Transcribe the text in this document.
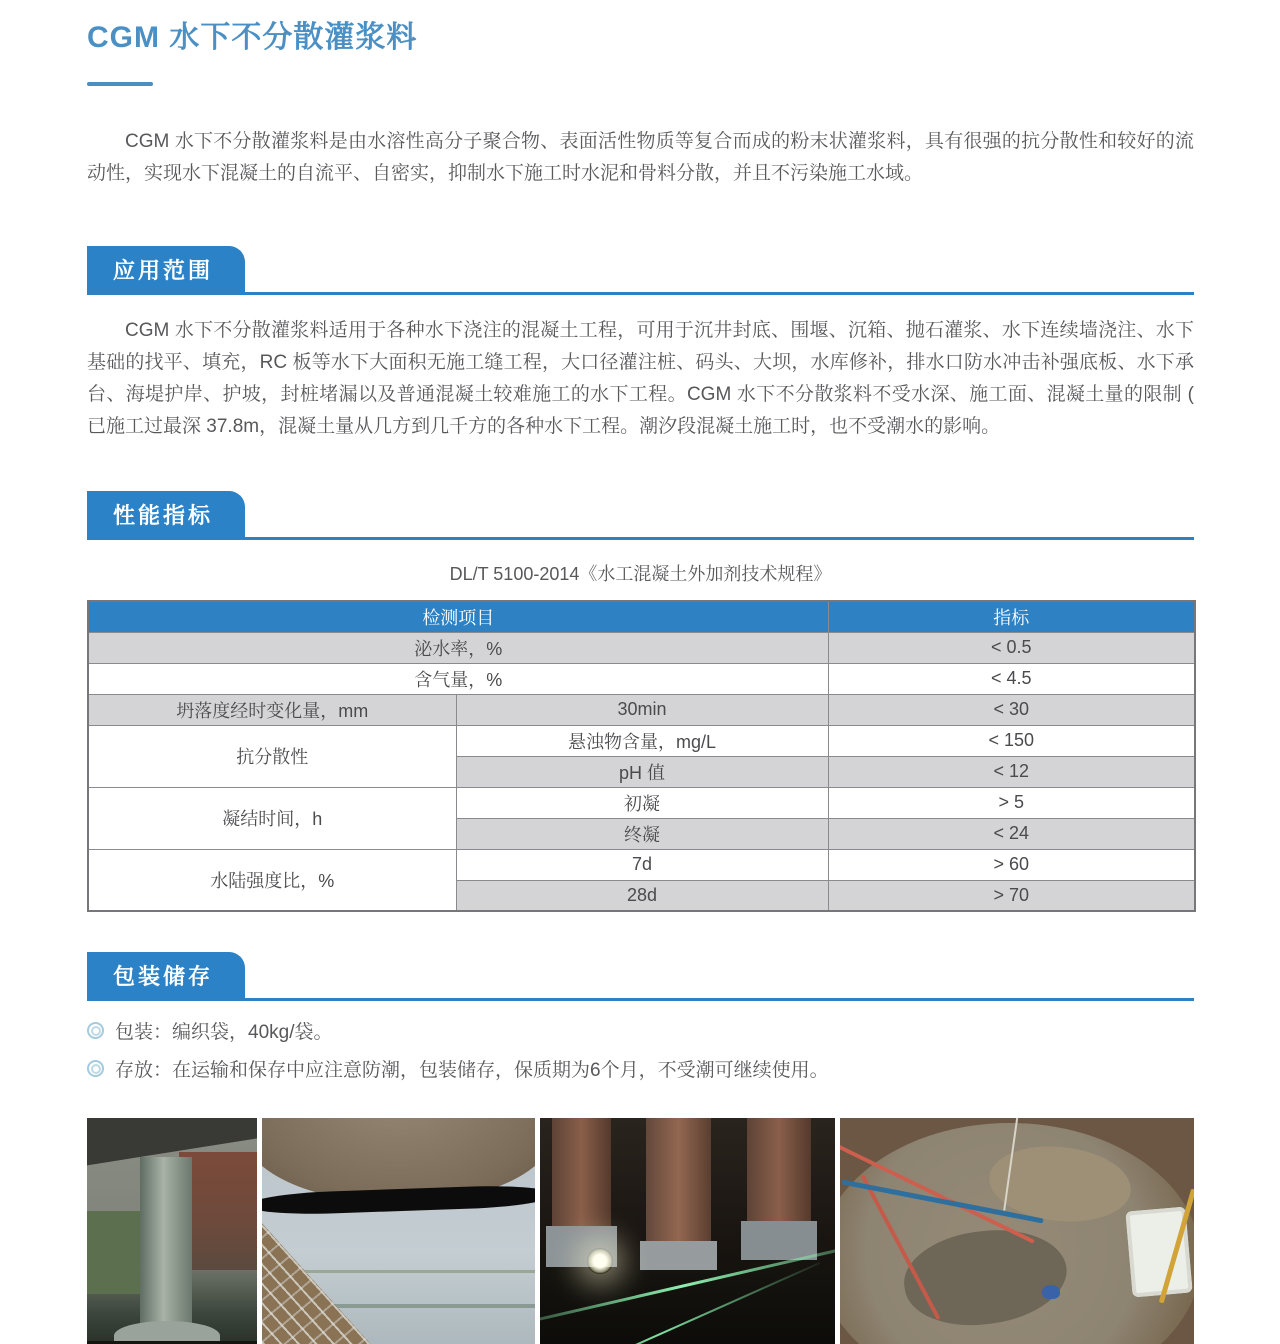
CGM 水下不分散灌浆料

CGM 水下不分散灌浆料是由水溶性高分子聚合物、表面活性物质等复合而成的粉末状灌浆料，具有很强的抗分散性和较好的流动性，实现水下混凝土的自流平、自密实，抑制水下施工时水泥和骨料分散，并且不污染施工水域。

应用范围

CGM 水下不分散灌浆料适用于各种水下浇注的混凝土工程，可用于沉井封底、围堰、沉箱、抛石灌浆、水下连续墙浇注、水下基础的找平、填充，RC 板等水下大面积无施工缝工程，大口径灌注桩、码头、大坝，水库修补，排水口防水冲击补强底板、水下承台、海堤护岸、护坡，封桩堵漏以及普通混凝土较难施工的水下工程。CGM 水下不分散浆料不受水深、施工面、混凝土量的限制 ( 已施工过最深 37.8m，混凝土量从几方到几千方的各种水下工程。潮汐段混凝土施工时，也不受潮水的影响。

性能指标
DL/T 5100-2014《水工混凝土外加剂技术规程》
检测项目		指标
泌水率，%		< 0.5
含气量，%		< 4.5
坍落度经时变化量，mm	30min	< 30
抗分散性	悬浊物含量，mg/L	< 150
	pH 值	< 12
凝结时间，h	初凝	> 5
	终凝	< 24
水陆强度比，%	7d	> 60
	28d	> 70
包装储存
包装：编织袋，40kg/袋。
存放：在运输和保存中应注意防潮，包装储存，保质期为6个月，不受潮可继续使用。
